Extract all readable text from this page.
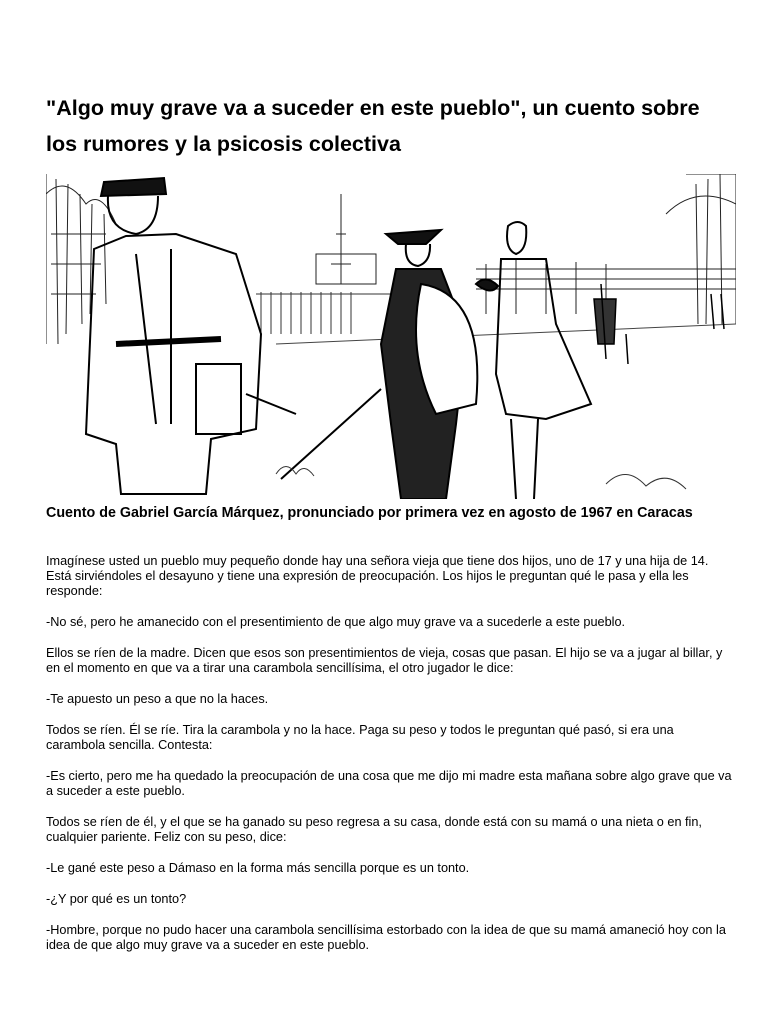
"Algo muy grave va a suceder en este pueblo", un cuento sobre los rumores y la psicosis colectiva
Cuento de Gabriel García Márquez, pronunciado por primera vez en agosto de 1967 en Caracas

Imagínese usted un pueblo muy pequeño donde hay una señora vieja que tiene dos hijos, uno de 17 y una hija de 14. Está sirviéndoles el desayuno y tiene una expresión de preocupación. Los hijos le preguntan qué le pasa y ella les responde:

-No sé, pero he amanecido con el presentimiento de que algo muy grave va a sucederle a este pueblo.

Ellos se ríen de la madre. Dicen que esos son presentimientos de vieja, cosas que pasan. El hijo se va a jugar al billar, y en el momento en que va a tirar una carambola sencillísima, el otro jugador le dice:

-Te apuesto un peso a que no la haces.

Todos se ríen. Él se ríe. Tira la carambola y no la hace. Paga su peso y todos le preguntan qué pasó, si era una carambola sencilla. Contesta:

-Es cierto, pero me ha quedado la preocupación de una cosa que me dijo mi madre esta mañana sobre algo grave que va a suceder a este pueblo.

Todos se ríen de él, y el que se ha ganado su peso regresa a su casa, donde está con su mamá o una nieta o en fin, cualquier pariente. Feliz con su peso, dice:

-Le gané este peso a Dámaso en la forma más sencilla porque es un tonto.

-¿Y por qué es un tonto?

-Hombre, porque no pudo hacer una carambola sencillísima estorbado con la idea de que su mamá amaneció hoy con la idea de que algo muy grave va a suceder en este pueblo.
